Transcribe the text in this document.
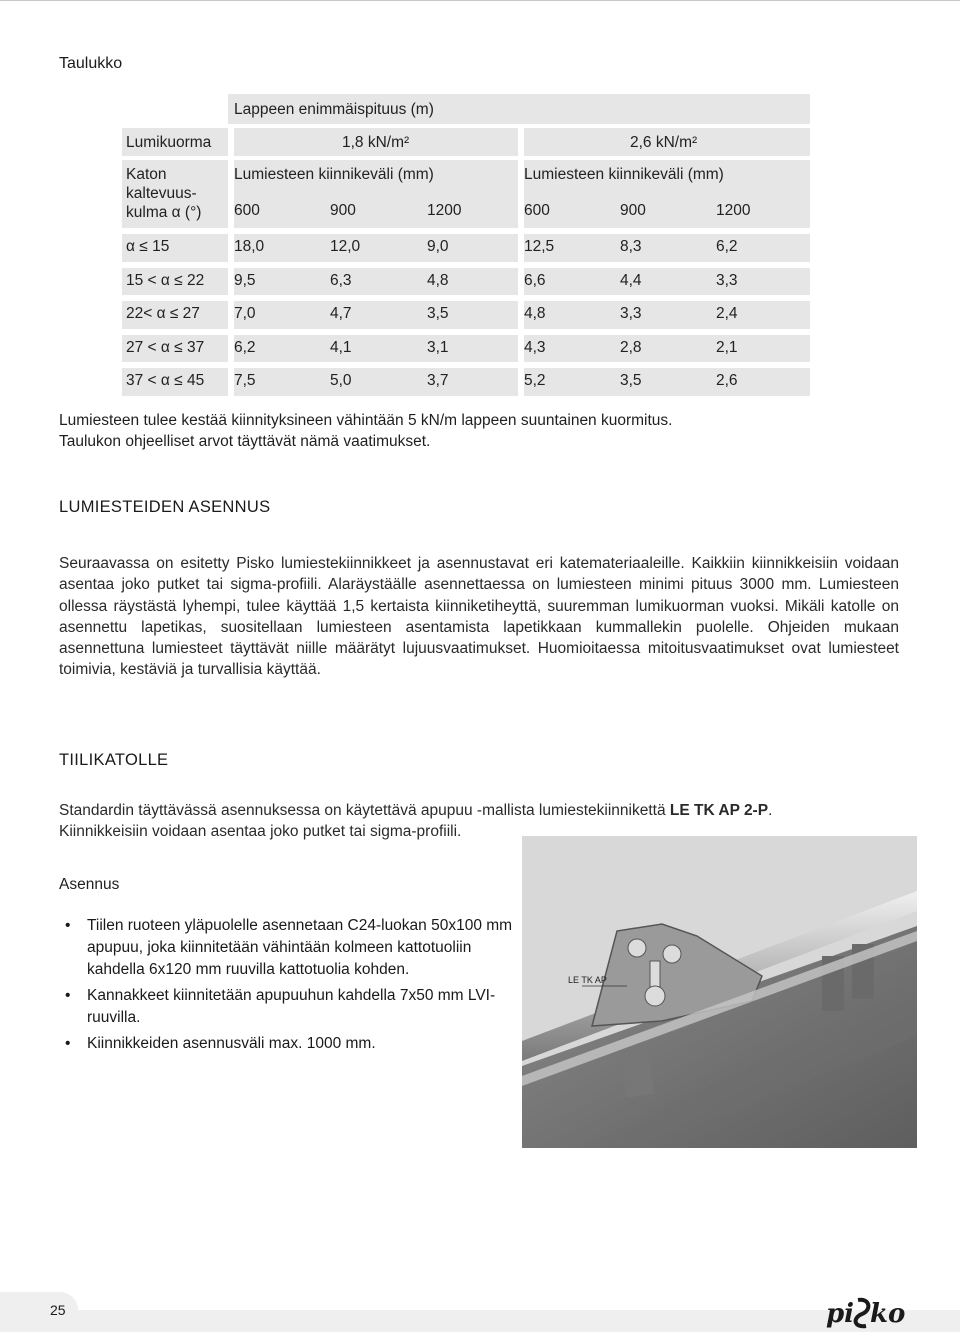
Taulukko
Lappeen enimmäispituus (m)
Lumikuorma	1,8 kN/m²	2,6 kN/m²
Katon
kaltevuus-
kulma α (°)
Lumiesteen kiinnikeväli (mm)	Lumiesteen kiinnikeväli (mm)
600	900	1200	600	900	1200
α ≤ 15	18,0	12,0	9,0	12,5	8,3	6,2
15 < α ≤ 22 9,5	6,3	4,8	6,6	4,4	3,3
22< α ≤ 27 7,0	4,7	3,5	4,8	3,3	2,4
27 < α ≤ 37 6,2	4,1	3,1	4,3	2,8	2,1
37 < α ≤ 45 7,5	5,0	3,7	5,2	3,5	2,6
Lumiesteen tulee kestää kiinnityksineen vähintään 5 kN/m lappeen suuntainen kuormitus.
Taulukon ohjeelliset arvot täyttävät nämä vaatimukset.
LUMIESTEIDEN ASENNUS

Seuraavassa on esitetty Pisko lumiestekiinnikkeet ja asennustavat eri katemateriaaleille. Kaikkiin kiinnikkeisiin voidaan asentaa joko putket tai sigma-profiili. Alaräystäälle asennettaessa on lumiesteen minimi pituus 3000 mm. Lumiesteen ollessa räystästä lyhempi, tulee käyttää 1,5 kertaista kiinniketiheyttä, suuremman lumikuorman vuoksi. Mikäli katolle on asennettu lapetikas, suositellaan lumiesteen asentamista lapetikkaan kummallekin puolelle. Ohjeiden mukaan asennettuna lumiesteet täyttävät niille määrätyt lujuusvaatimukset. Huomioitaessa mitoitusvaatimukset ovat lumiesteet toimivia, kestäviä ja turvallisia käyttää.

TIILIKATOLLE

Standardin täyttävässä asennuksessa on käytettävä apupuu -mallista lumiestekiinnikettä LE TK AP 2-P.

Kiinnikkeisiin voidaan asentaa joko putket tai sigma-profiili.

Asennus
• Tiilen ruoteen yläpuolelle asennetaan C24-luokan 50x100 mm apupuu, joka kiinnitetään vähintään kolmeen kattotuoliin kahdella 6x120 mm ruuvilla kattotuolia kohden.
• Kannakkeet kiinnitetään apupuuhun kahdella 7x50 mm LVI-ruuvilla.
• Kiinnikkeiden asennusväli max. 1000 mm.
LE TK AP
25	pi ko
